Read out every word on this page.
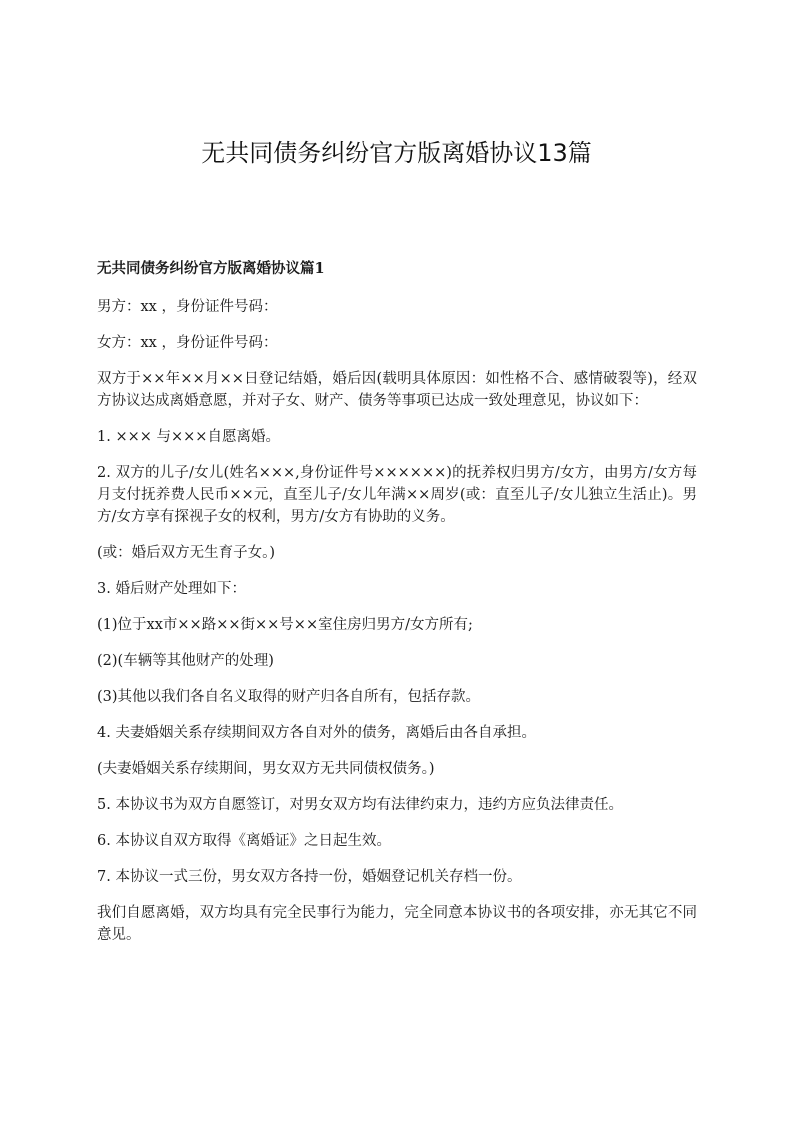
无共同债务纠纷官方版离婚协议13篇

无共同债务纠纷官方版离婚协议篇1

男方：xx ，身份证件号码：

女方：xx ，身份证件号码：

双方于××年××月××日登记结婚，婚后因(载明具体原因：如性格不合、感情破裂等)，经双方协议达成离婚意愿，并对子女、财产、债务等事项已达成一致处理意见，协议如下：

1. ××× 与×××自愿离婚。

2. 双方的儿子/女儿(姓名×××,身份证件号××××××)的抚养权归男方/女方，由男方/女方每月支付抚养费人民币××元，直至儿子/女儿年满××周岁(或：直至儿子/女儿独立生活止)。男方/女方享有探视子女的权利，男方/女方有协助的义务。

(或：婚后双方无生育子女。)

3. 婚后财产处理如下：

(1)位于xx市××路××街××号××室住房归男方/女方所有;

(2)(车辆等其他财产的处理)

(3)其他以我们各自名义取得的财产归各自所有，包括存款。

4. 夫妻婚姻关系存续期间双方各自对外的债务，离婚后由各自承担。

(夫妻婚姻关系存续期间，男女双方无共同债权债务。)

5. 本协议书为双方自愿签订，对男女双方均有法律约束力，违约方应负法律责任。

6. 本协议自双方取得《离婚证》之日起生效。

7. 本协议一式三份，男女双方各持一份，婚姻登记机关存档一份。

我们自愿离婚，双方均具有完全民事行为能力，完全同意本协议书的各项安排，亦无其它不同意见。
